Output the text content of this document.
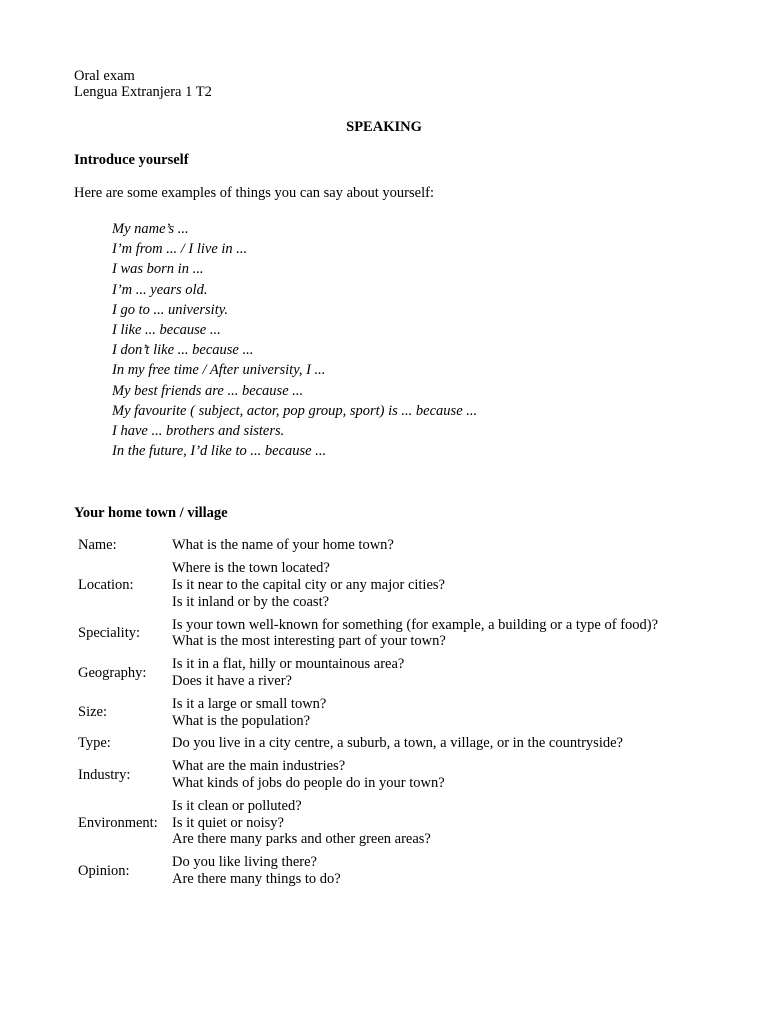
Oral exam

Lengua Extranjera 1 T2

SPEAKING

Introduce yourself

Here are some examples of things you can say about yourself:

My name’s ...
I’m from ... / I live in ...
I was born in ...
I’m ... years old.
I go to ... university.
I like ... because ...
I don’t like ... because ...
In my free time / After university, I ...
My best friends are ... because ...
My favourite ( subject, actor, pop group, sport) is ... because ...
I have ... brothers and sisters.
In the future, I’d like to ... because ...

Your home town / village

Name:	What is the name of your home town?

Location:	Where is the town located?
Is it near to the capital city or any major cities?
Is it inland or by the coast?

Speciality:	Is your town well-known for something (for example, a building or a type of food)?
What is the most interesting part of your town?

Geography:	Is it in a flat, hilly or mountainous area?
Does it have a river?

Size:	Is it a large or small town?
What is the population?

Type:	Do you live in a city centre, a suburb, a town, a village, or in the countryside?

Industry:	What are the main industries?
What kinds of jobs do people do in your town?

Environment:	Is it clean or polluted?
Is it quiet or noisy?
Are there many parks and other green areas?

Opinion:	Do you like living there?
Are there many things to do?
